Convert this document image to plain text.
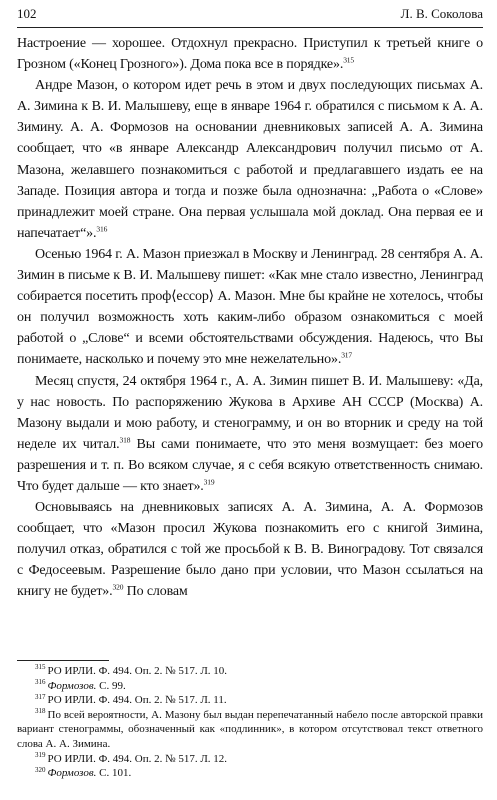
102	Л. В. Соколова

Настроение — хорошее. Отдохнул прекрасно. Приступил к третьей книге о Грозном («Конец Грозного»). Дома пока все в порядке».$^{315}$

Андре Мазон, о котором идет речь в этом и двух последующих письмах А. А. Зимина к В. И. Малышеву, еще в январе 1964 г. обратился с письмом к А. А. Зимину. А. А. Формозов на основании дневниковых записей А. А. Зимина сообщает, что «в январе Александр Александрович получил письмо от А. Мазона, желавшего познакомиться с работой и предлагавшего издать ее на Западе. Позиция автора и тогда и позже была однозначна: „Работа о «Слове» принадлежит моей стране. Она первая услышала мой доклад. Она первая ее и напечатает“».$^{316}$

Осенью 1964 г. А. Мазон приезжал в Москву и Ленинград. 28 сентября А. А. Зимин в письме к В. И. Малышеву пишет: «Как мне стало известно, Ленинград собирается посетить проф⟨ессор⟩ А. Мазон. Мне бы крайне не хотелось, чтобы он получил возможность хоть каким-либо образом ознакомиться с моей работой о „Слове“ и всеми обстоятельствами обсуждения. Надеюсь, что Вы понимаете, насколько и почему это мне нежелательно».$^{317}$

Месяц спустя, 24 октября 1964 г., А. А. Зимин пишет В. И. Малышеву: «Да, у нас новость. По распоряжению Жукова в Архиве АН СССР (Москва) А. Мазону выдали и мою работу, и стенограмму, и он во вторник и среду на той неделе их читал.$^{318}$ Вы сами понимаете, что это меня возмущает: без моего разрешения и т. п. Во всяком случае, я с себя всякую ответственность снимаю. Что будет дальше — кто знает».$^{319}$

Основываясь на дневниковых записях А. А. Зимина, А. А. Формозов сообщает, что «Мазон просил Жукова познакомить его с книгой Зимина, получил отказ, обратился с той же просьбой к В. В. Виноградову. Тот связался с Федосеевым. Разрешение было дано при условии, что Мазон ссылаться на книгу не будет».$^{320}$ По словам

$^{315}$ РО ИРЛИ. Ф. 494. Оп. 2. № 517. Л. 10.

$^{316}$ Формозов. С. 99.

$^{317}$ РО ИРЛИ. Ф. 494. Оп. 2. № 517. Л. 11.

$^{318}$ По всей вероятности, А. Мазону был выдан перепечатанный набело после авторской правки вариант стенограммы, обозначенный как «подлинник», в котором отсутствовал текст ответного слова А. А. Зимина.

$^{319}$ РО ИРЛИ. Ф. 494. Оп. 2. № 517. Л. 12.

$^{320}$ Формозов. С. 101.
